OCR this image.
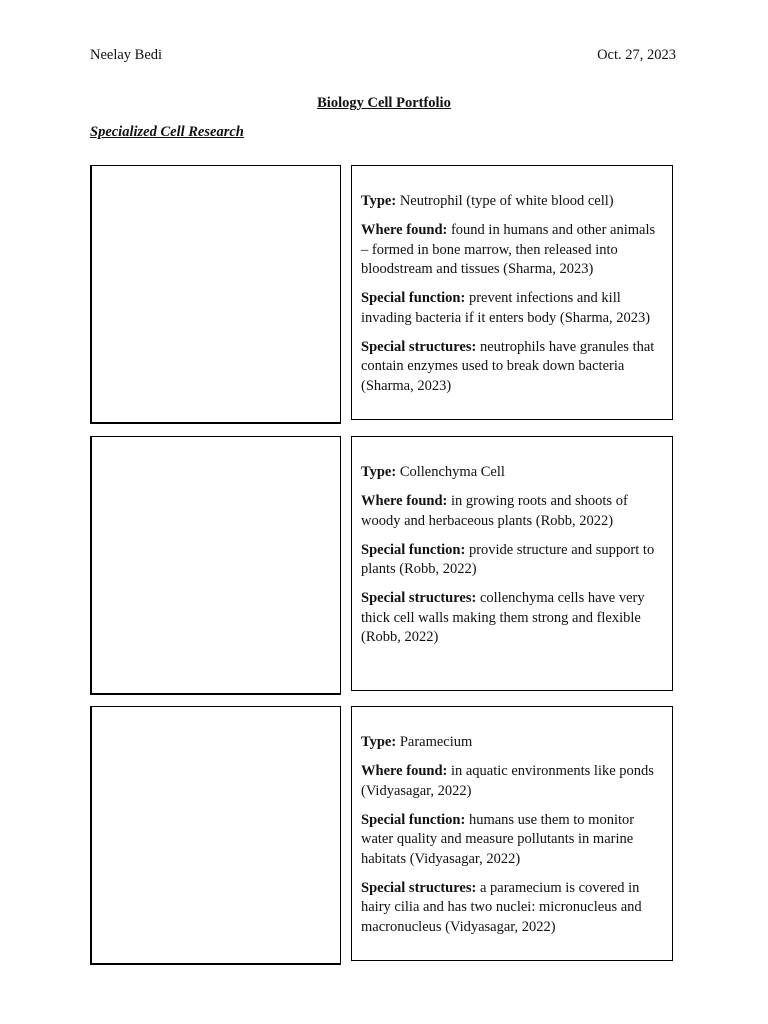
Neelay Bedi	Oct. 27, 2023
Biology Cell Portfolio
Specialized Cell Research

Type: Neutrophil (type of white blood cell)

Where found: found in humans and other animals – formed in bone marrow, then released into bloodstream and tissues (Sharma, 2023)

Special function: prevent infections and kill invading bacteria if it enters body (Sharma, 2023)

Special structures: neutrophils have granules that contain enzymes used to break down bacteria (Sharma, 2023)

Type: Collenchyma Cell

Where found: in growing roots and shoots of woody and herbaceous plants (Robb, 2022)

Special function: provide structure and support to plants (Robb, 2022)

Special structures: collenchyma cells have very thick cell walls making them strong and flexible (Robb, 2022)

Type: Paramecium

Where found: in aquatic environments like ponds (Vidyasagar, 2022)

Special function: humans use them to monitor water quality and measure pollutants in marine habitats (Vidyasagar, 2022)

Special structures: a paramecium is covered in hairy cilia and has two nuclei: micronucleus and macronucleus (Vidyasagar, 2022)
